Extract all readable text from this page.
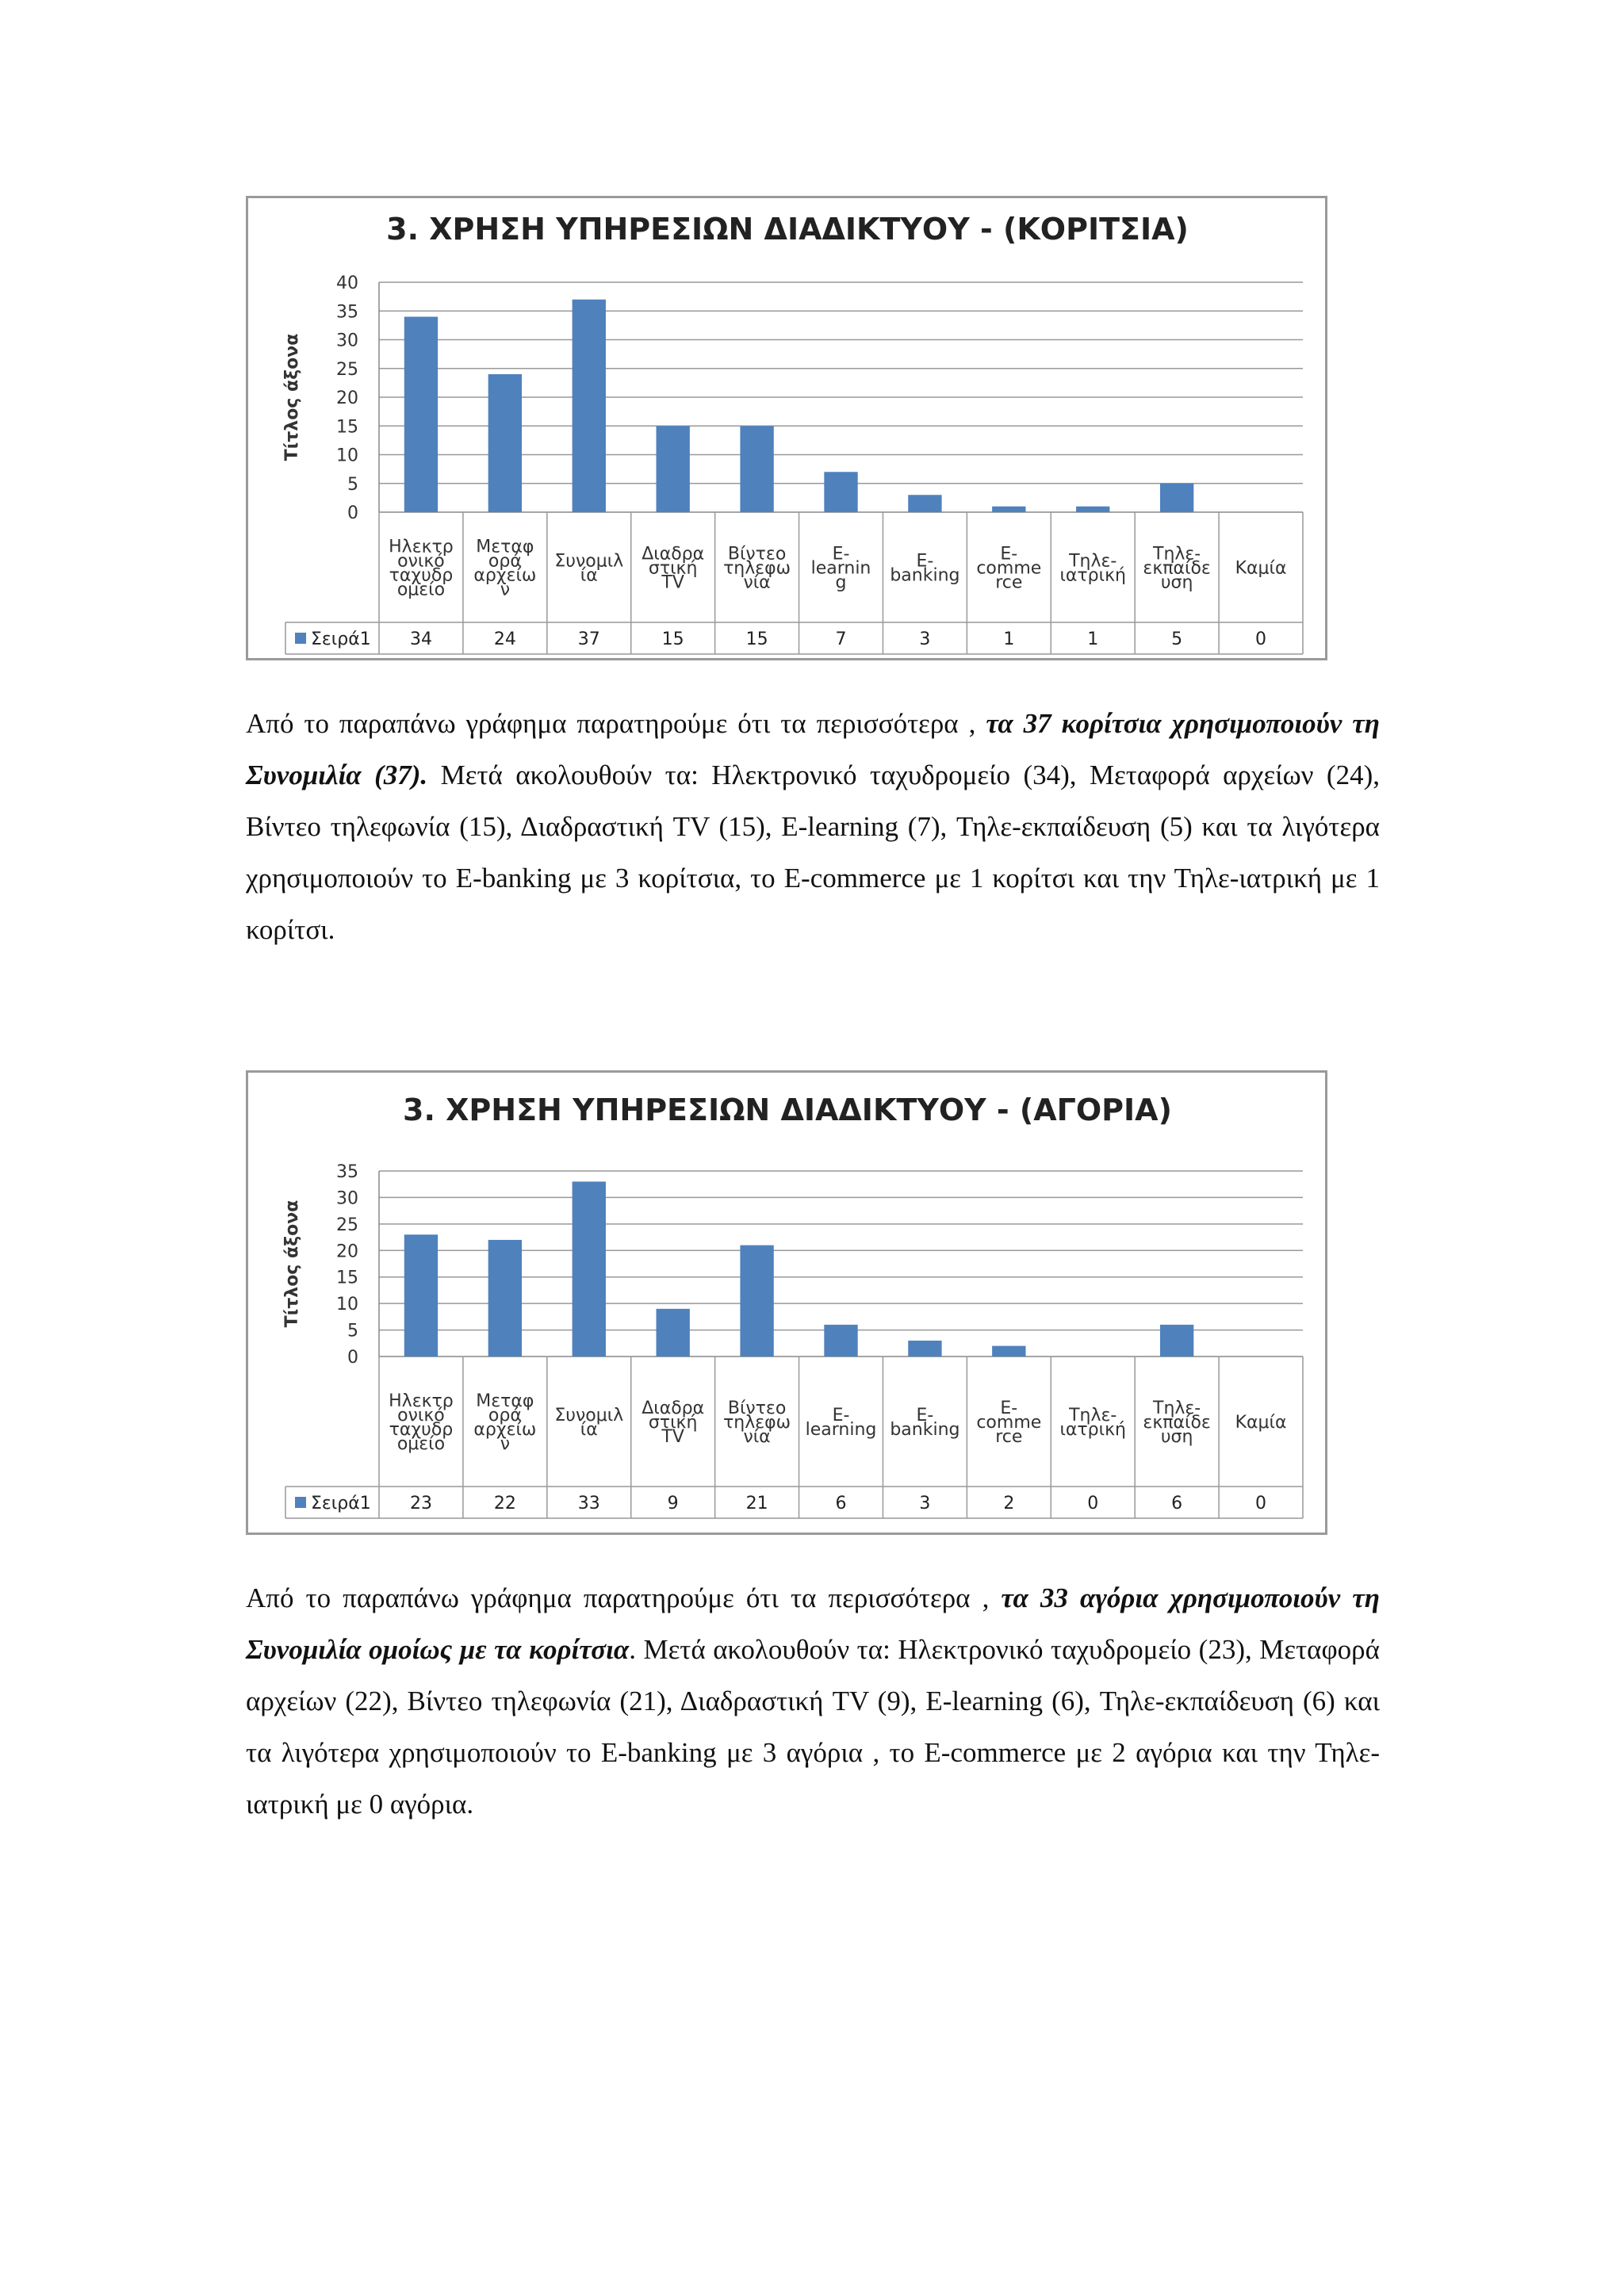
3. ΧΡΗΣΗ ΥΠΗΡΕΣΙΩΝ ΔΙΑΔΙΚΤΥΟΥ - (ΚΟΡΙΤΣΙΑ)
Τίτλος άξονα
0
5
10
15
20
25
30
35
40
Ηλεκτρ
ονικό
ταχυδρ
ομείο
34
Μεταφ
ορά
αρχείω
ν
24
Συνομιλ
ία
37
Διαδρα
στική
TV
15
Βίντεο
τηλεφω
νία
15
E-
learnin
g
7
E-
banking
3
E-
comme
rce
1
Τηλε-
ιατρική
1
Τηλε-
εκπαίδε
υση
5
Καμία
0
Σειρά1

Από το παραπάνω γράφημα παρατηρούμε ότι τα περισσότερα , τα 37 κορίτσια χρησιμοποιούν τη Συνομιλία (37). Μετά ακολουθούν τα: Ηλεκτρονικό ταχυδρομείο (34), Μεταφορά αρχείων (24), Βίντεο τηλεφωνία (15), Διαδραστική TV (15), E-learning (7), Τηλε-εκπαίδευση (5) και τα λιγότερα χρησιμοποιούν το E-banking με 3 κορίτσια, το E-commerce με 1 κορίτσι και την Τηλε-ιατρική με 1 κορίτσι.

3. ΧΡΗΣΗ ΥΠΗΡΕΣΙΩΝ ΔΙΑΔΙΚΤΥΟΥ - (ΑΓΟΡΙΑ)
Τίτλος άξονα
0
5
10
15
20
25
30
35
Ηλεκτρ
ονικό
ταχυδρ
ομείο
23
Μεταφ
ορά
αρχείω
ν
22
Συνομιλ
ία
33
Διαδρα
στική
TV
9
Βίντεο
τηλεφω
νία
21
E-
learning
6
E-
banking
3
E-
comme
rce
2
Τηλε-
ιατρική
0
Τηλε-
εκπαίδε
υση
6
Καμία
0
Σειρά1

Από το παραπάνω γράφημα παρατηρούμε ότι τα περισσότερα , τα 33 αγόρια χρησιμοποιούν τη Συνομιλία ομοίως με τα κορίτσια. Μετά ακολουθούν τα: Ηλεκτρονικό ταχυδρομείο (23), Μεταφορά αρχείων (22), Βίντεο τηλεφωνία (21), Διαδραστική TV (9), E-learning (6), Τηλε-εκπαίδευση (6) και τα λιγότερα χρησιμοποιούν το E-banking με 3 αγόρια , το E-commerce με 2 αγόρια και την Τηλε-ιατρική με 0 αγόρια.
